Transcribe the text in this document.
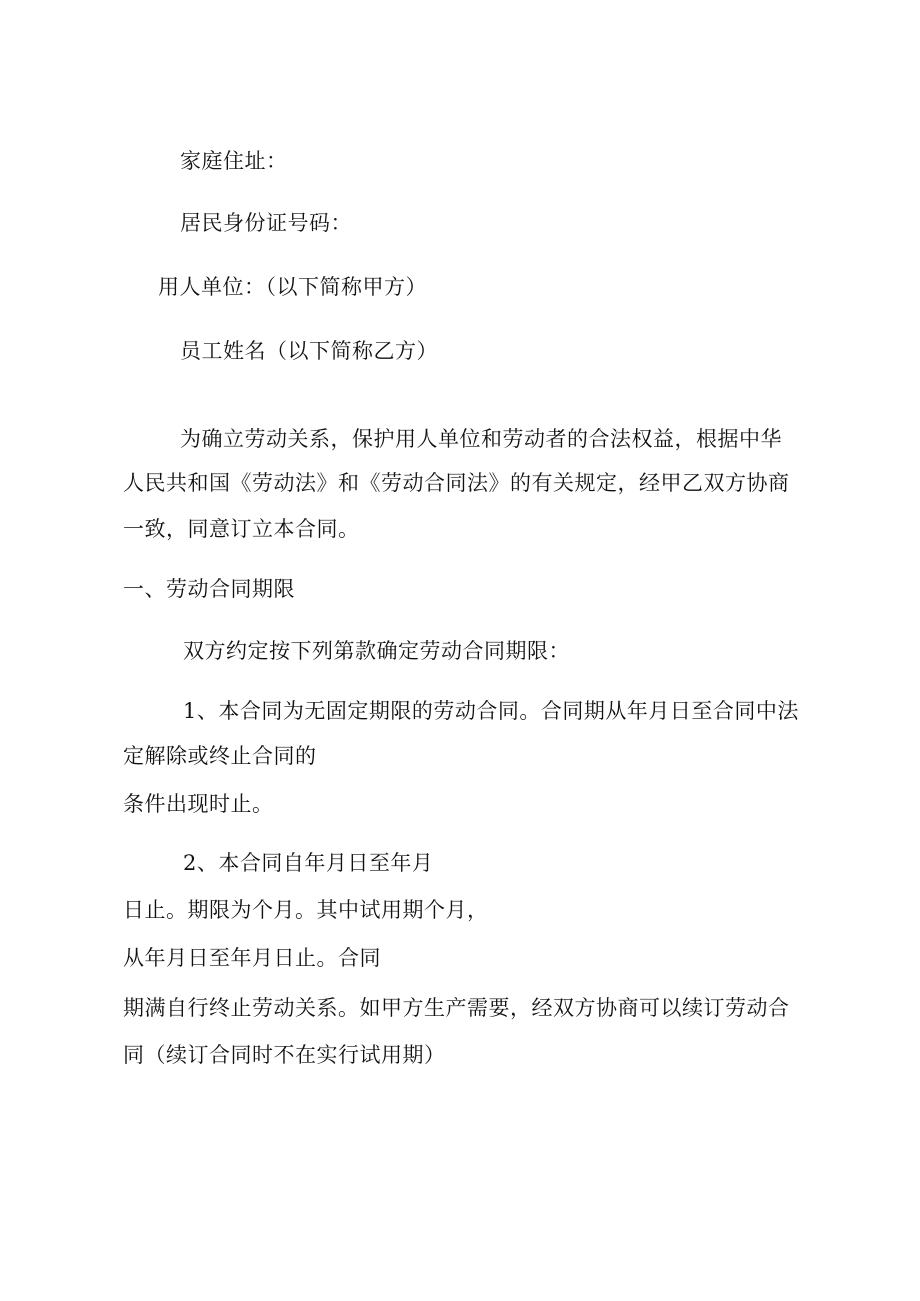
家庭住址：
居民身份证号码：
用人单位：（以下简称甲方）
员工姓名（以下简称乙方）
为确立劳动关系，保护用人单位和劳动者的合法权益，根据中华
人民共和国《劳动法》和《劳动合同法》的有关规定，经甲乙双方协商
一致，同意订立本合同。
一、劳动合同期限
双方约定按下列第款确定劳动合同期限：
1、本合同为无固定期限的劳动合同。合同期从年月日至合同中法
定解除或终止合同的
条件出现时止。
2、本合同自年月日至年月
日止。期限为个月。其中试用期个月，
从年月日至年月日止。合同
期满自行终止劳动关系。如甲方生产需要，经双方协商可以续订劳动合
同（续订合同时不在实行试用期）
